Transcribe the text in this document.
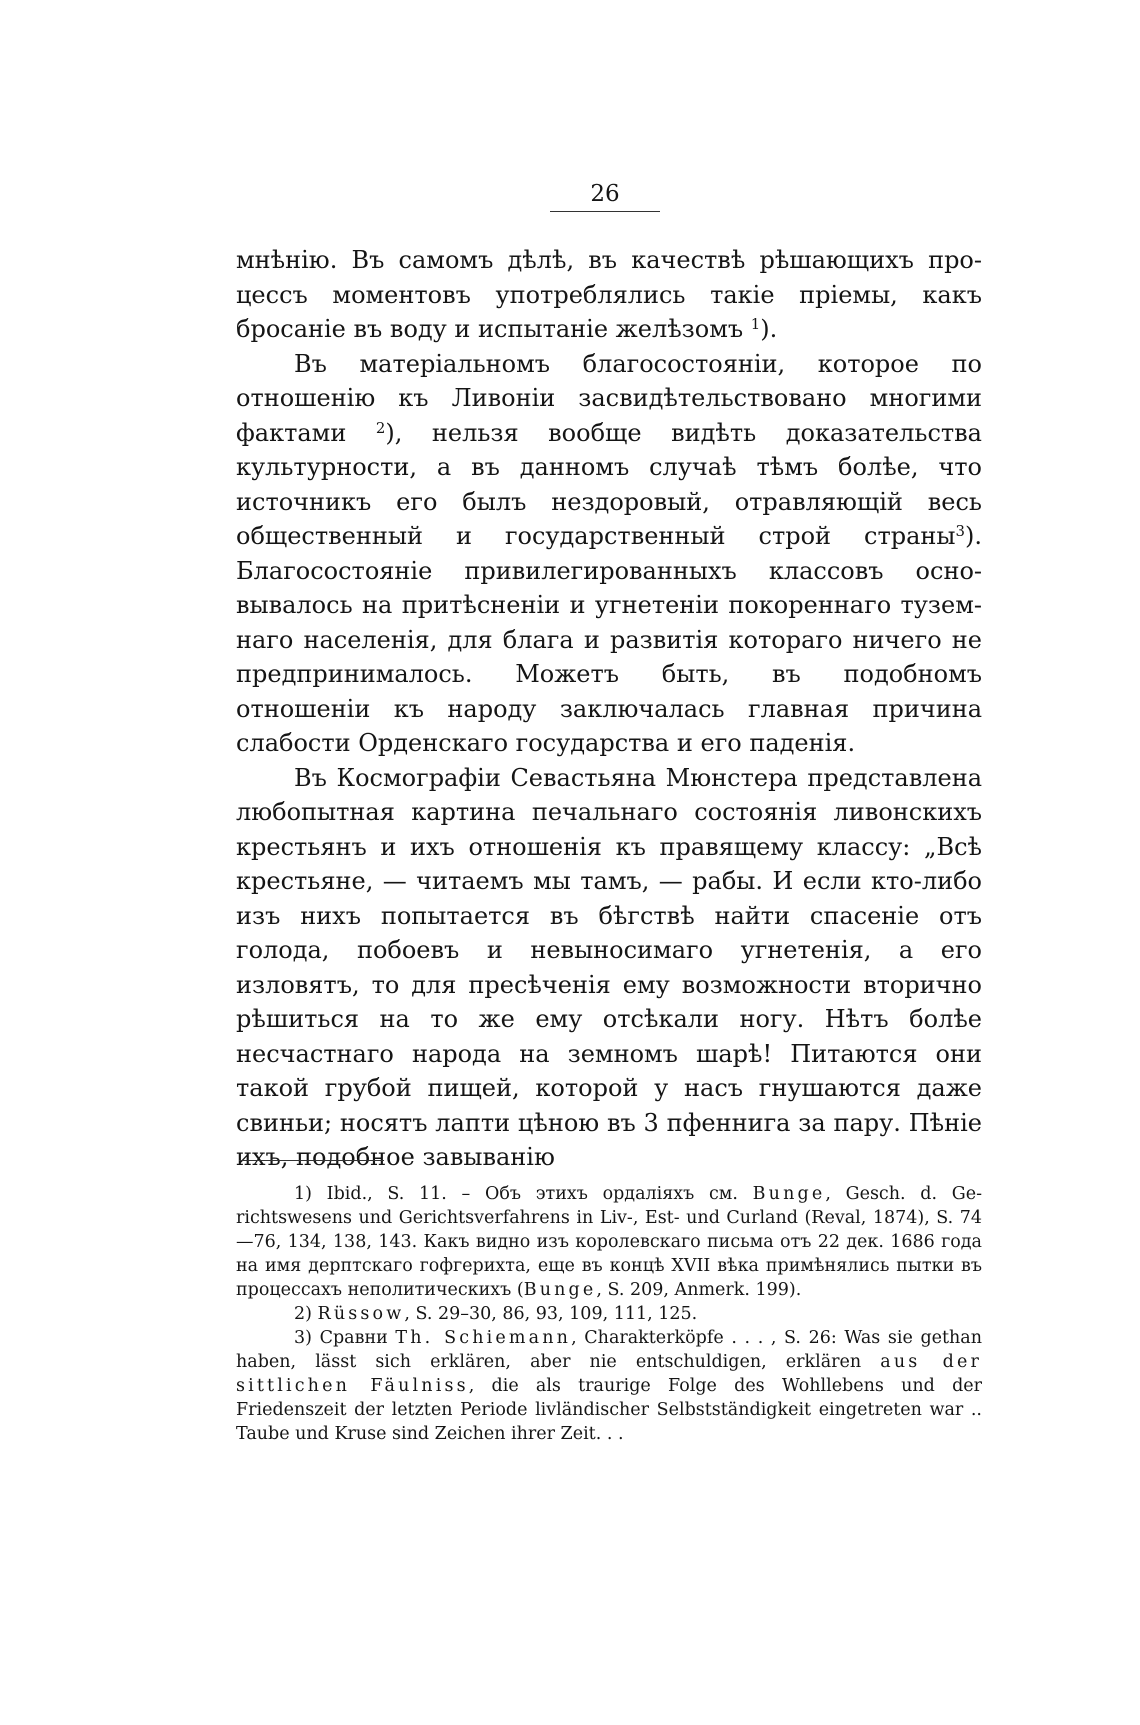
26

мнѣнію. Въ самомъ дѣлѣ, въ качествѣ рѣшающихъ процессъ моментовъ употреблялись такіе пріемы, какъ бросаніе въ воду и испытаніе желѣзомъ $^1$).

Въ матеріальномъ благосостояніи, которое по отношенію къ Ливоніи засвидѣтельствовано многими фактами $^2$), нельзя вообще видѣть доказательства культурности, а въ данномъ случаѣ тѣмъ болѣе, что источникъ его былъ нездоровый, отравляющій весь общественный и государственный строй страны$^3$). Благосостояніе привилегированныхъ классовъ основывалось на притѣсненіи и угнетеніи покореннаго туземнаго населенія, для блага и развитія котораго ничего не предпринималось. Можетъ быть, въ подобномъ отношеніи къ народу заключалась главная причина слабости Орденскаго государства и его паденія.

Въ Космографіи Севастьяна Мюнстера представлена любопытная картина печальнаго состоянія ливонскихъ крестьянъ и ихъ отношенія къ правящему классу: „Всѣ крестьяне, — читаемъ мы тамъ, — рабы. И если кто-либо изъ нихъ попытается въ бѣгствѣ найти спасеніе отъ голода, побоевъ и невыносимаго угнетенія, а его изловятъ, то для пресѣченія ему возможности вторично рѣшиться на то же ему отсѣкали ногу. Нѣтъ болѣе несчастнаго народа на земномъ шарѣ! Питаются они такой грубой пищей, которой у насъ гнушаются даже свиньи; носятъ лапти цѣною въ 3 пфеннига за пару. Пѣніе ихъ, подобное завыванію

1) Ibid., S. 11. – Объ этихъ ордаліяхъ см. Bunge, Gesch. d. Gerichtswesens und Gerichtsverfahrens in Liv-, Est- und Curland (Reval, 1874), S. 74—76, 134, 138, 143. Какъ видно изъ королевскаго письма отъ 22 дек. 1686 года на имя дерптскаго гофгерихта, еще въ концѣ XVII вѣка примѣнялись пытки въ процессахъ неполитическихъ (Bunge, S. 209, Anmerk. 199).

2) Rüssow, S. 29–30, 86, 93, 109, 111, 125.

3) Сравни Th. Schiemann, Charakterköpfe . . . , S. 26: Was sie gethan haben, lässt sich erklären, aber nie entschuldigen, erklären aus der sittlichen Fäulniss, die als traurige Folge des Wohllebens und der Friedenszeit der letzten Periode livländischer Selbstständigkeit eingetreten war .. Taube und Kruse sind Zeichen ihrer Zeit. . .
